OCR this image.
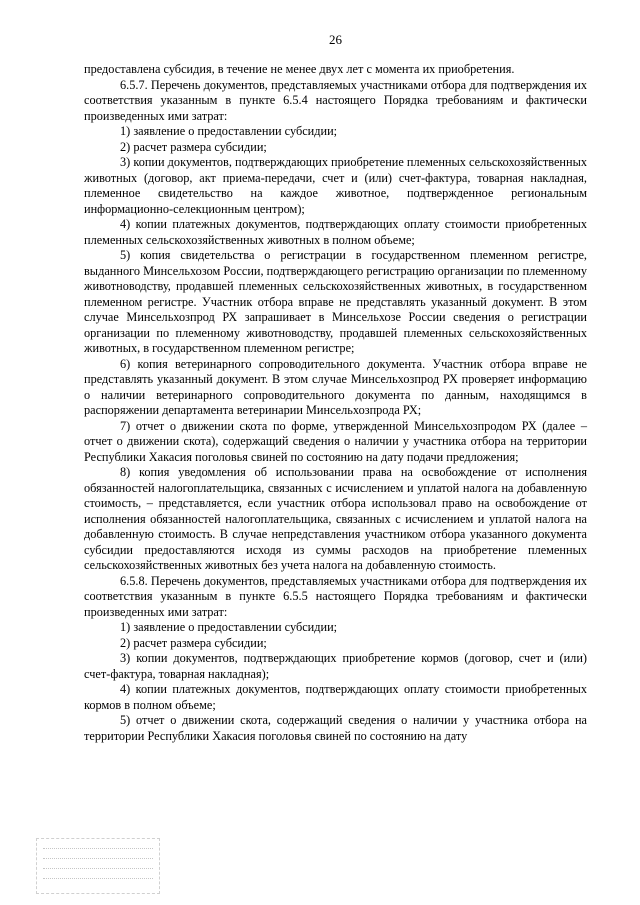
26

предоставлена субсидия, в течение не менее двух лет с момента их приобретения.

6.5.7. Перечень документов, представляемых участниками отбора для подтверждения их соответствия указанным в пункте 6.5.4 настоящего Порядка требованиям и фактически произведенных ими затрат:

1) заявление о предоставлении субсидии;

2) расчет размера субсидии;

3) копии документов, подтверждающих приобретение племенных сельскохозяйственных животных (договор, акт приема-передачи, счет и (или) счет-фактура, товарная накладная, племенное свидетельство на каждое животное, подтвержденное региональным информационно-селекционным центром);

4) копии платежных документов, подтверждающих оплату стоимости приобретенных племенных сельскохозяйственных животных в полном объеме;

5) копия свидетельства о регистрации в государственном племенном регистре, выданного Минсельхозом России, подтверждающего регистрацию организации по племенному животноводству, продавшей племенных сельскохозяйственных животных, в государственном племенном регистре. Участник отбора вправе не представлять указанный документ. В этом случае Минсельхозпрод РХ запрашивает в Минсельхозе России сведения о регистрации организации по племенному животноводству, продавшей племенных сельскохозяйственных животных, в государственном племенном регистре;

6) копия ветеринарного сопроводительного документа. Участник отбора вправе не представлять указанный документ. В этом случае Минсельхозпрод РХ проверяет информацию о наличии ветеринарного сопроводительного документа по данным, находящимся в распоряжении департамента ветеринарии Минсельхозпрода РХ;

7) отчет о движении скота по форме, утвержденной Минсельхозпродом РХ (далее – отчет о движении скота), содержащий сведения о наличии у участника отбора на территории Республики Хакасия поголовья свиней по состоянию на дату подачи предложения;

8) копия уведомления об использовании права на освобождение от исполнения обязанностей налогоплательщика, связанных с исчислением и уплатой налога на добавленную стоимость, – представляется, если участник отбора использовал право на освобождение от исполнения обязанностей налогоплательщика, связанных с исчислением и уплатой налога на добавленную стоимость. В случае непредставления участником отбора указанного документа субсидии предоставляются исходя из суммы расходов на приобретение племенных сельскохозяйственных животных без учета налога на добавленную стоимость.

6.5.8. Перечень документов, представляемых участниками отбора для подтверждения их соответствия указанным в пункте 6.5.5 настоящего Порядка требованиям и фактически произведенных ими затрат:

1) заявление о предоставлении субсидии;

2) расчет размера субсидии;

3) копии документов, подтверждающих приобретение кормов (договор, счет и (или) счет-фактура, товарная накладная);

4) копии платежных документов, подтверждающих оплату стоимости приобретенных кормов в полном объеме;

5) отчет о движении скота, содержащий сведения о наличии у участника отбора на территории Республики Хакасия поголовья свиней по состоянию на дату
